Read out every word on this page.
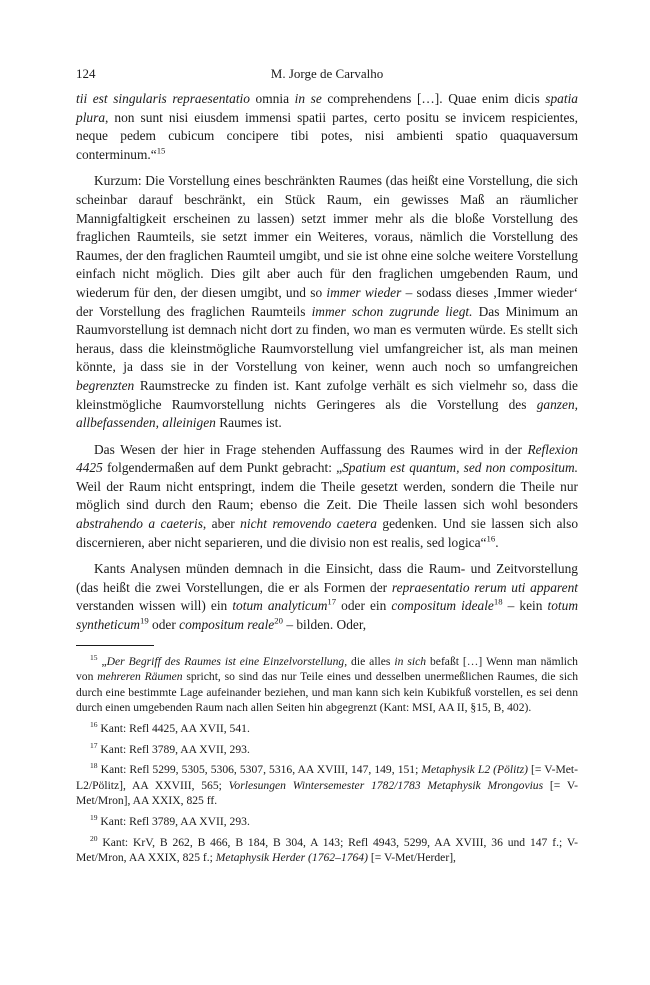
124	M. Jorge de Carvalho

tii est singularis repraesentatio omnia in se comprehendens […]. Quae enim dicis spatia plura, non sunt nisi eiusdem immensi spatii partes, certo positu se invicem respicientes, neque pedem cubicum concipere tibi potes, nisi ambienti spatio quaquaversum conterminum.“$^{15}$

Kurzum: Die Vorstellung eines beschränkten Raumes (das heißt eine Vorstellung, die sich scheinbar darauf beschränkt, ein Stück Raum, ein gewisses Maß an räumlicher Mannigfaltigkeit erscheinen zu lassen) setzt immer mehr als die bloße Vorstellung des fraglichen Raumteils, sie setzt immer ein Weiteres, voraus, nämlich die Vorstellung des Raumes, der den fraglichen Raumteil umgibt, und sie ist ohne eine solche weitere Vorstellung einfach nicht möglich. Dies gilt aber auch für den fraglichen umgebenden Raum, und wiederum für den, der diesen umgibt, und so immer wieder – sodass dieses ‚Immer wieder‘ der Vorstellung des fraglichen Raumteils immer schon zugrunde liegt. Das Minimum an Raumvorstellung ist demnach nicht dort zu finden, wo man es vermuten würde. Es stellt sich heraus, dass die kleinstmögliche Raumvorstellung viel umfangreicher ist, als man meinen könnte, ja dass sie in der Vorstellung von keiner, wenn auch noch so umfangreichen begrenzten Raumstrecke zu finden ist. Kant zufolge verhält es sich vielmehr so, dass die kleinstmögliche Raumvorstellung nichts Geringeres als die Vorstellung des ganzen, allbefassenden, alleinigen Raumes ist.

Das Wesen der hier in Frage stehenden Auffassung des Raumes wird in der Reflexion 4425 folgendermaßen auf dem Punkt gebracht: „Spatium est quantum, sed non compositum. Weil der Raum nicht entspringt, indem die Theile gesetzt werden, sondern die Theile nur möglich sind durch den Raum; ebenso die Zeit. Die Theile lassen sich wohl besonders abstrahendo a caeteris, aber nicht removendo caetera gedenken. Und sie lassen sich also discernieren, aber nicht separieren, und die divisio non est realis, sed logica“$^{16}$.

Kants Analysen münden demnach in die Einsicht, dass die Raum- und Zeitvorstellung (das heißt die zwei Vorstellungen, die er als Formen der repraesentatio rerum uti apparent verstanden wissen will) ein totum analyticum$^{17}$ oder ein compositum ideale$^{18}$ – kein totum syntheticum$^{19}$ oder compositum reale$^{20}$ – bilden. Oder,

$^{15}$ „Der Begriff des Raumes ist eine Einzelvorstellung, die alles in sich befaßt […] Wenn man nämlich von mehreren Räumen spricht, so sind das nur Teile eines und desselben unermeßlichen Raumes, die sich durch eine bestimmte Lage aufeinander beziehen, und man kann sich kein Kubikfuß vorstellen, es sei denn durch einen umgebenden Raum nach allen Seiten hin abgegrenzt (Kant: MSI, AA II, §15, B, 402).

$^{16}$ Kant: Refl 4425, AA XVII, 541.

$^{17}$ Kant: Refl 3789, AA XVII, 293.

$^{18}$ Kant: Refl 5299, 5305, 5306, 5307, 5316, AA XVIII, 147, 149, 151; Metaphysik L2 (Pölitz) [= V-Met-L2/Pölitz], AA XXVIII, 565; Vorlesungen Wintersemester 1782/1783 Metaphysik Mrongovius [= V-Met/Mron], AA XXIX, 825 ff.

$^{19}$ Kant: Refl 3789, AA XVII, 293.

$^{20}$ Kant: KrV, B 262, B 466, B 184, B 304, A 143; Refl 4943, 5299, AA XVIII, 36 und 147 f.; V-Met/Mron, AA XXIX, 825 f.; Metaphysik Herder (1762–1764) [= V-Met/Herder],
